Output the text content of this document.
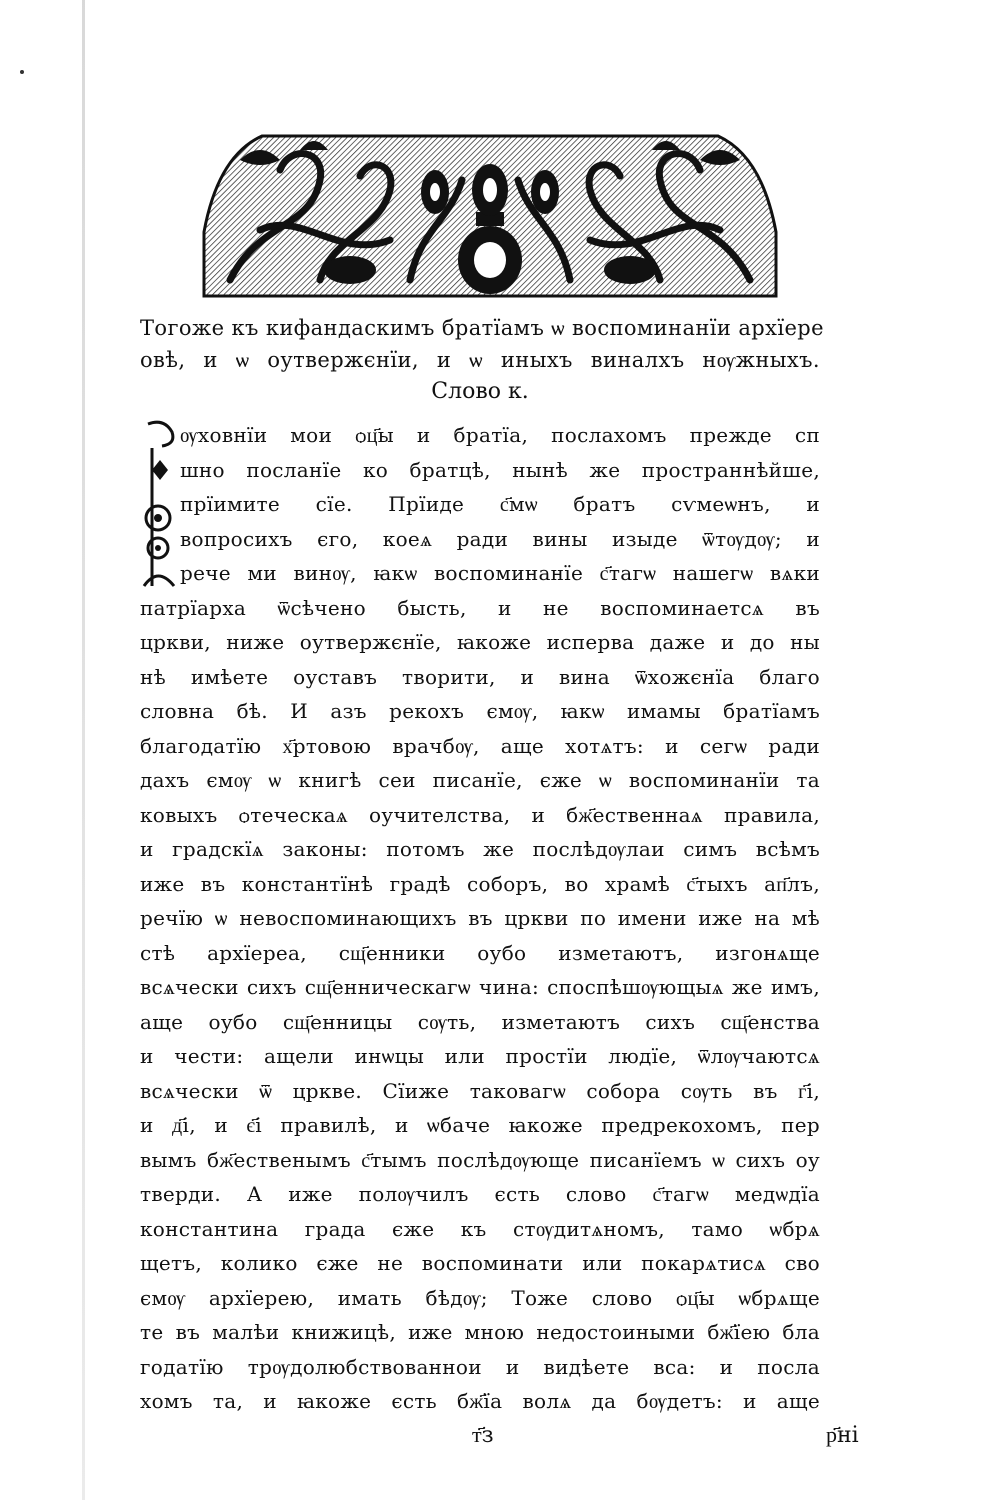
Тогоже къ кифандаскимъ братїамъ ѡ воспоминанїи архїере
овѣ, и ѡ оутвержєнїи, и ѡ иныхъ виналхъ нѹжныхъ.
Слово к.
ѹховнїи мои ѻц҃ы и братїа, послахомъ прежде сп
шно посланїе ко братцѣ, нынѣ же пространнѣйше,
прїимите сїе. Прїиде с҃мѡ братъ сѵмеѡнъ, и
вопросихъ єго, коеѧ ради вины изыде ѿтѹдѹ; и
рече ми винѹ, ꙗкѡ воспоминанїе с҃тагѡ нашегѡ вѧки
патрїарха ѿсѣчено бысть, и не воспоминаетсѧ въ
цркви, ниже оутвержєнїе, ꙗкоже исперва даже и до ны
нѣ имѣете оуставъ творити, и вина ѿхожєнїа благо
словна бѣ. И азъ рекохъ ємѹ, ꙗкѡ имамы братїамъ
благодатїю х҃ртовою врачбѹ, аще хотѧтъ: и сегѡ ради
дахъ ємѹ ѡ книгѣ сеи писанїе, єже ѡ воспоминанїи та
ковыхъ ѻтеческаѧ оучителства, и бж҃ественнаѧ правила,
и градскїѧ законы: потомъ же послѣдѹлаи симъ всѣмъ
иже въ константїнѣ градѣ соборъ, во храмѣ с҃тыхъ ап҃лъ,
речїю ѡ невоспоминающихъ въ цркви по имени иже на мѣ
стѣ архїереа, сщ҃енники оубо изметаютъ, изгонѧще
всѧчески сихъ сщ҃енническагѡ чина: споспѣшѹющыѧ же имъ,
аще оубо сщ҃енницы сѹть, изметаютъ сихъ сщ҃енства
и чести: ащели инѡцы или простїи людїе, ѿлѹчаютсѧ
всѧчески ѿ цркве. Сїиже таковагѡ собора сѹть въ г҃і,
и д҃і, и є҃і правилѣ, и ѡбаче ꙗкоже предрекохомъ, пер
вымъ бж҃ественымъ с҃тымъ послѣдѹюще писанїемъ ѡ сихъ оу
тверди. А иже полѹчилъ єсть слово с҃тагѡ медѡдїа
константина града єже къ стѹдитѧномъ, тамо ѡбрѧ
щетъ, колико єже не воспоминати или покарѧтисѧ сво
ємѹ архїерею, имать бѣдѹ; Тоже слово ѻц҃ы ѡбрѧще
те въ малѣи книжицѣ, иже мною недостоиными бж҃їею бла
годатїю трѹдолюбствованнои и видѣете вса: и посла
хомъ та, и ꙗкоже єсть бж҃їа волѧ да бѹдетъ: и аще
т҃з	р҃ні
